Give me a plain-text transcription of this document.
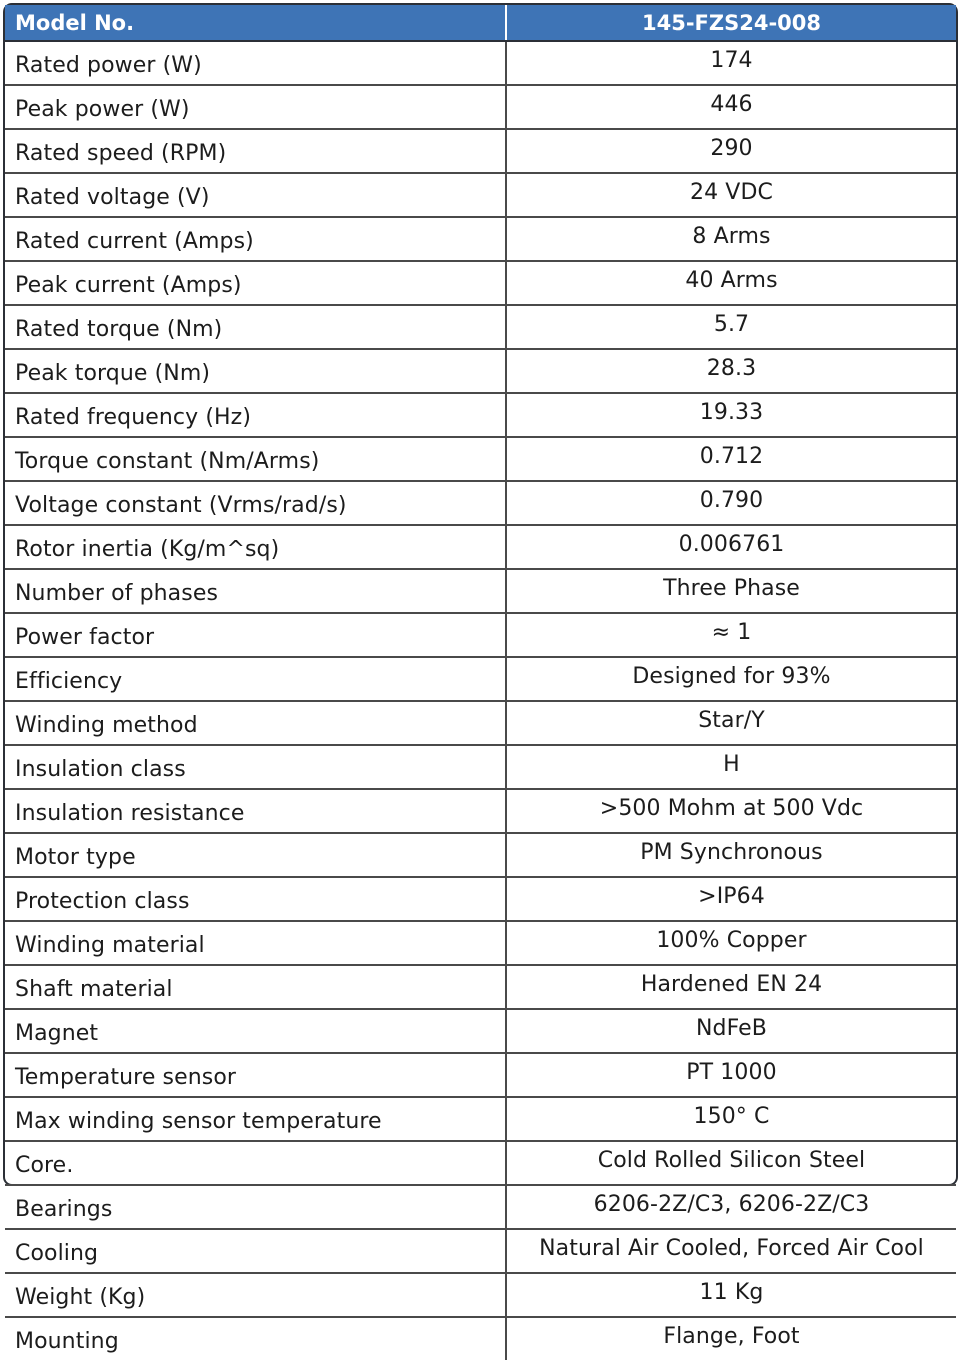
Model No.	145-FZS24-008
Rated power (W)	174
Peak power (W)	446
Rated speed (RPM)	290
Rated voltage (V)	24 VDC
Rated current (Amps)	8 Arms
Peak current (Amps)	40 Arms
Rated torque (Nm)	5.7
Peak torque (Nm)	28.3
Rated frequency (Hz)	19.33
Torque constant (Nm/Arms)	0.712
Voltage constant (Vrms/rad/s)	0.790
Rotor inertia (Kg/m^sq)	0.006761
Number of phases	Three Phase
Power factor	≈ 1
Efficiency	Designed for 93%
Winding method	Star/Y
Insulation class	H
Insulation resistance	>500 Mohm at 500 Vdc
Motor type	PM Synchronous
Protection class	>IP64
Winding material	100% Copper
Shaft material	Hardened EN 24
Magnet	NdFeB
Temperature sensor	PT 1000
Max winding sensor temperature	150° C
Core.	Cold Rolled Silicon Steel
Bearings	6206-2Z/C3, 6206-2Z/C3
Cooling	Natural Air Cooled, Forced Air Cool
Weight (Kg)	11 Kg
Mounting	Flange, Foot
